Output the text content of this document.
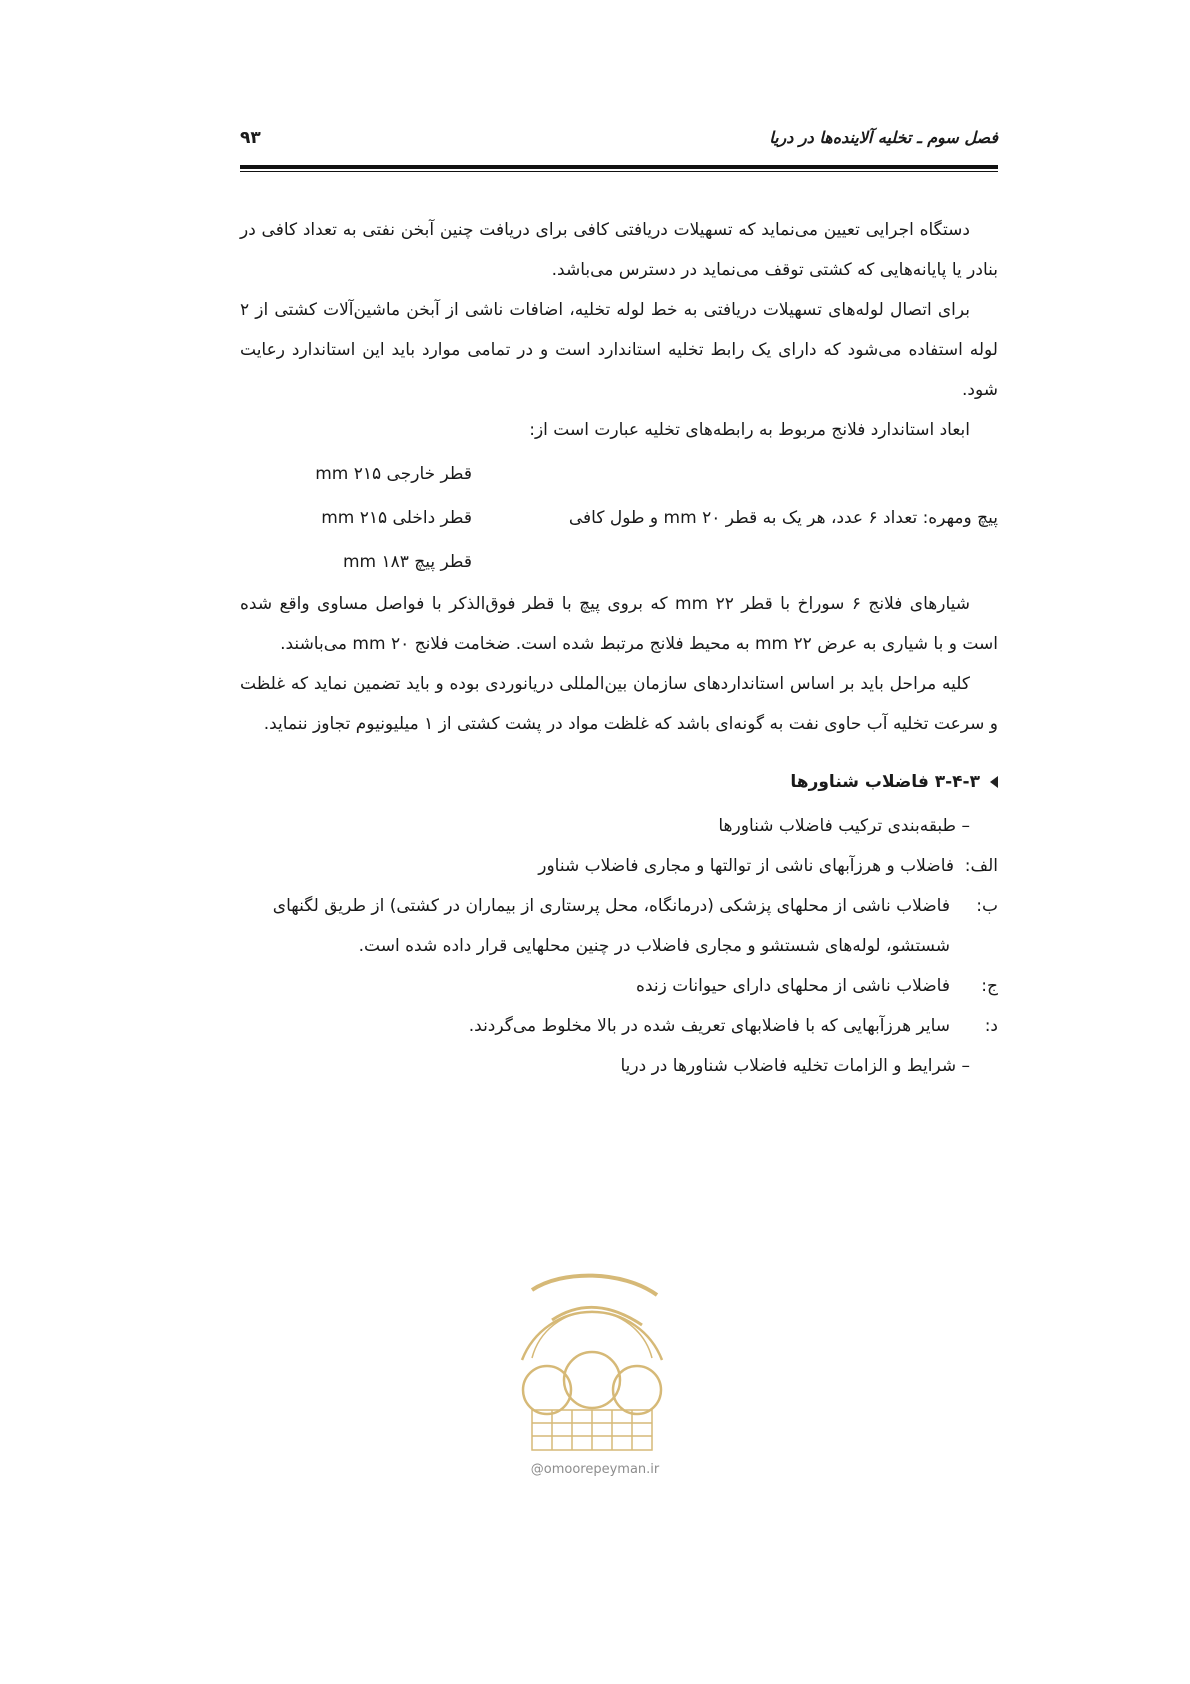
فصل سوم ـ تخلیه آلاینده‌ها در دریا
۹۳

دستگاه اجرایی تعیین می‌نماید که تسهیلات دریافتی کافی برای دریافت چنین آبخن نفتی به تعداد کافی در بنادر یا پایانه‌هایی که کشتی توقف می‌نماید در دسترس می‌باشد.

برای اتصال لوله‌های تسهیلات دریافتی به خط لوله تخلیه، اضافات ناشی از آبخن ماشین‌آلات کشتی از ۲ لوله استفاده می‌شود که دارای یک رابط تخلیه استاندارد است و در تمامی موارد باید این استاندارد رعایت شود.

ابعاد استاندارد فلانج مربوط به رابطه‌های تخلیه عبارت است از:

قطر خارجی ۲۱۵ mm
قطر داخلی ۲۱۵ mm
قطر پیچ ۱۸۳ mm
پیچ ومهره: تعداد ۶ عدد، هر یک به قطر ۲۰ mm و طول کافی

شیارهای فلانج ۶ سوراخ با قطر ۲۲ mm که بروی پیچ با قطر فوق‌الذکر با فواصل مساوی واقع شده است و با شیاری به عرض ۲۲ mm به محیط فلانج مرتبط شده است. ضخامت فلانج ۲۰ mm می‌باشند.

کلیه مراحل باید بر اساس استانداردهای سازمان بین‌المللی دریانوردی بوده و باید تضمین نماید که غلظت و سرعت تخلیه آب حاوی نفت به گونه‌ای باشد که غلظت مواد در پشت کشتی از ۱ میلیونیوم تجاوز ننماید.

۳-۴-۳ فاضلاب شناورها
– طبقه‌بندی ترکیب فاضلاب شناورها
الف:
فاضلاب و هرزآبهای ناشی از توالتها و مجاری فاضلاب شناور
ب:
فاضلاب ناشی از محلهای پزشکی (درمانگاه، محل پرستاری از بیماران در کشتی) از طریق لگنهای شستشو، لوله‌های شستشو و مجاری فاضلاب در چنین محلهایی قرار داده شده است.
ج:
فاضلاب ناشی از محلهای دارای حیوانات زنده
د:
سایر هرزآبهایی که با فاضلابهای تعریف شده در بالا مخلوط می‌گردند.
– شرایط و الزامات تخلیه فاضلاب شناورها در دریا
@omoorepeyman.ir
